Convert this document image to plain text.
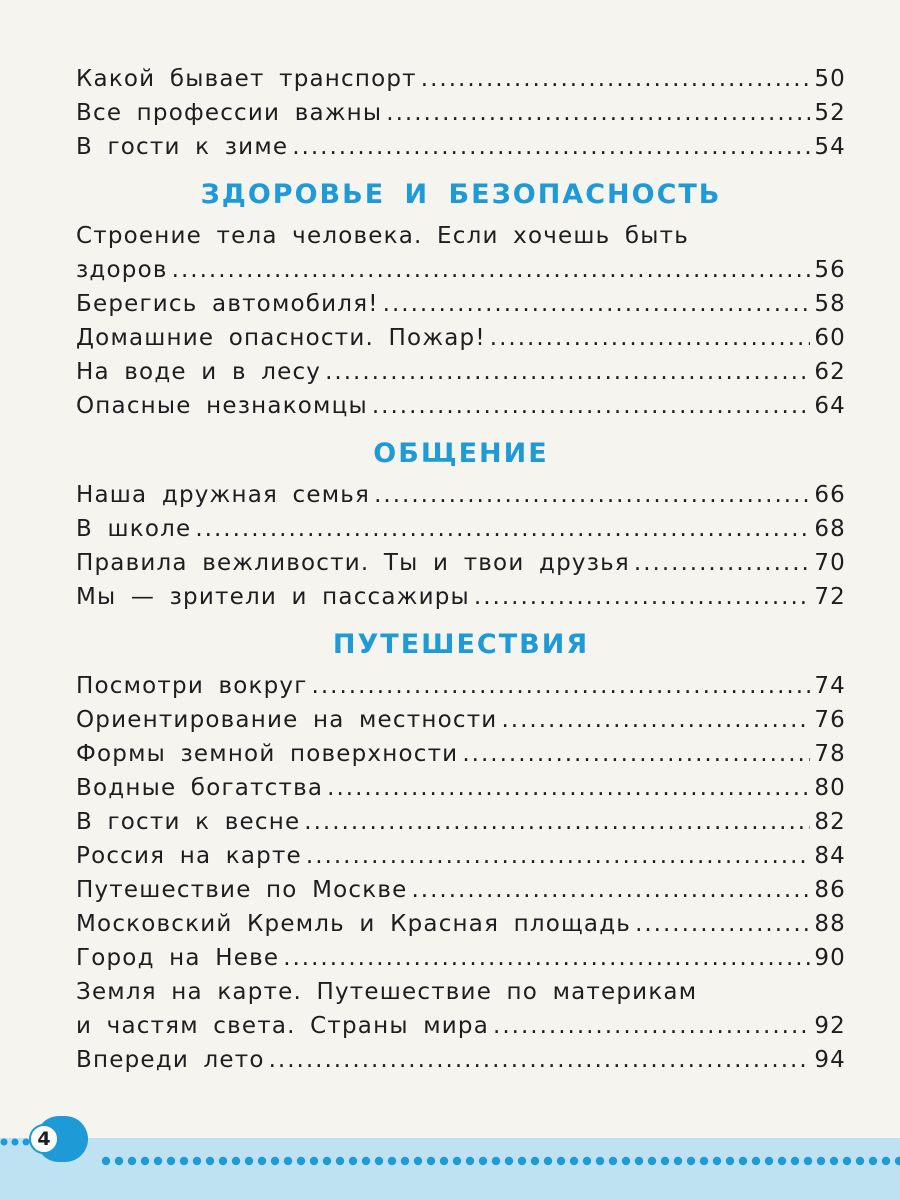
Какой бывает транспорт .....	50
Все профессии важны .....	52
В гости к зиме .....	54
ЗДОРОВЬЕ И БЕЗОПАСНОСТЬ
Строение тела человека. Если хочешь быть
здоров .....	56
Берегись автомобиля! .....	58
Домашние опасности. Пожар! .....	60
На воде и в лесу .....	62
Опасные незнакомцы .....	64
ОБЩЕНИЕ
Наша дружная семья .....	66
В школе .....	68
Правила вежливости. Ты и твои друзья .....	70
Мы — зрители и пассажиры .....	72
ПУТЕШЕСТВИЯ
Посмотри вокруг .....	74
Ориентирование на местности .....	76
Формы земной поверхности .....	78
Водные богатства .....	80
В гости к весне .....	82
Россия на карте .....	84
Путешествие по Москве .....	86
Московский Кремль и Красная площадь .....	88
Город на Неве .....	90
Земля на карте. Путешествие по материкам
и частям света. Страны мира .....	92
Впереди лето .....	94
4
